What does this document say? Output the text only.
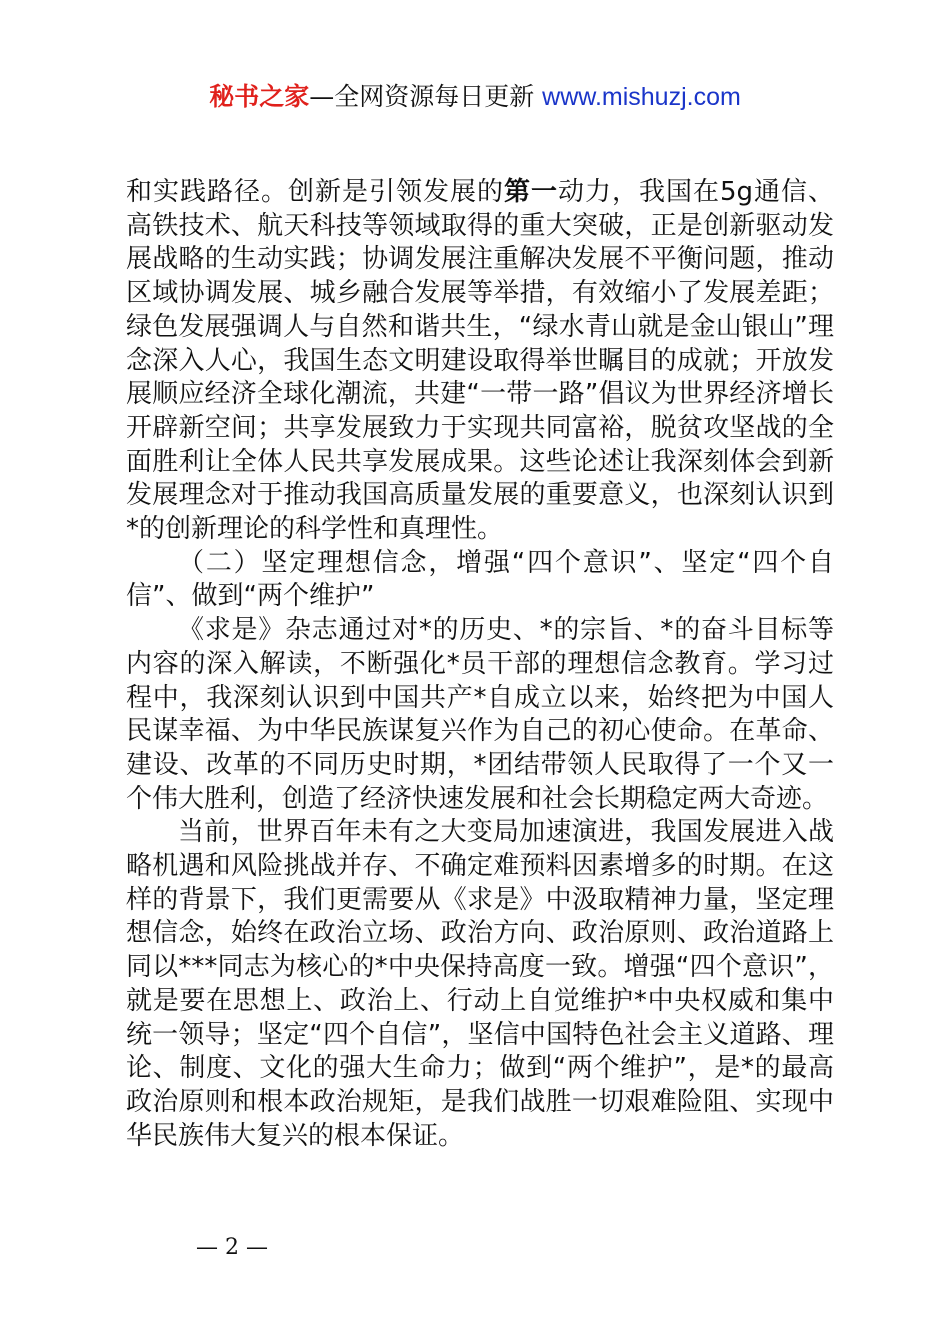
秘书之家—全网资源每日更新 www.mishuzj.com

和实践路径。创新是引领发展的第一动力，我国在5g通信、高铁技术、航天科技等领域取得的重大突破，正是创新驱动发展战略的生动实践；协调发展注重解决发展不平衡问题，推动区域协调发展、城乡融合发展等举措，有效缩小了发展差距；绿色发展强调人与自然和谐共生，“绿水青山就是金山银山”理念深入人心，我国生态文明建设取得举世瞩目的成就；开放发展顺应经济全球化潮流，共建“一带一路”倡议为世界经济增长开辟新空间；共享发展致力于实现共同富裕，脱贫攻坚战的全面胜利让全体人民共享发展成果。这些论述让我深刻体会到新发展理念对于推动我国高质量发展的重要意义，也深刻认识到*的创新理论的科学性和真理性。

（二）坚定理想信念，增强“四个意识”、坚定“四个自信”、做到“两个维护”

《求是》杂志通过对*的历史、*的宗旨、*的奋斗目标等内容的深入解读，不断强化*员干部的理想信念教育。学习过程中，我深刻认识到中国共产*自成立以来，始终把为中国人民谋幸福、为中华民族谋复兴作为自己的初心使命。在革命、建设、改革的不同历史时期，*团结带领人民取得了一个又一个伟大胜利，创造了经济快速发展和社会长期稳定两大奇迹。

当前，世界百年未有之大变局加速演进，我国发展进入战略机遇和风险挑战并存、不确定难预料因素增多的时期。在这样的背景下，我们更需要从《求是》中汲取精神力量，坚定理想信念，始终在政治立场、政治方向、政治原则、政治道路上同以***同志为核心的*中央保持高度一致。增强“四个意识”，就是要在思想上、政治上、行动上自觉维护*中央权威和集中统一领导；坚定“四个自信”，坚信中国特色社会主义道路、理论、制度、文化的强大生命力；做到“两个维护”，是*的最高政治原则和根本政治规矩，是我们战胜一切艰难险阻、实现中华民族伟大复兴的根本保证。

— 2 —
